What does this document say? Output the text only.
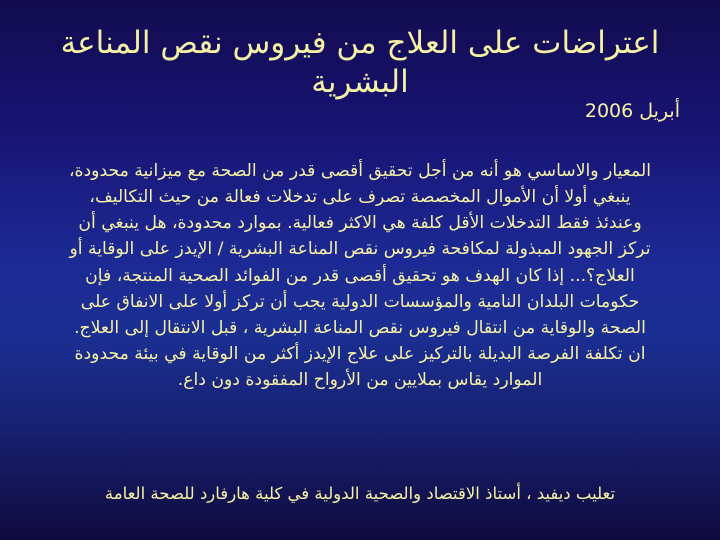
اعتراضات على العلاج من فيروس نقص المناعة البشرية
أبريل 2006

المعيار والاساسي هو أنه من أجل تحقيق أقصى قدر من الصحة مع ميزانية محدودة، ينبغي أولا أن الأموال المخصصة تصرف على تدخلات فعالة من حيث التكاليف، وعندئذ فقط التدخلات الأقل كلفة هي الاكثر فعالية. بموارد محدودة، هل ينبغي أن تركز الجهود المبذولة لمكافحة فيروس نقص المناعة البشرية / الإيدز على الوقاية أو العلاج؟... إذا كان الهدف هو تحقيق أقصى قدر من الفوائد الصحية المنتجة، فإن حكومات البلدان النامية والمؤسسات الدولية يجب أن تركز أولا على الانفاق على الصحة والوقاية من انتقال فيروس نقص المناعة البشرية ، قبل الانتقال إلى العلاج. ان تكلفة الفرصة البديلة بالتركيز على علاج الإيدز أكثر من الوقاية في بيئة محدودة الموارد يقاس بملايين من الأرواح المفقودة دون داع.

تعليب ديفيد ، أستاذ الاقتصاد والصحية الدولية في كلية هارفارد للصحة العامة
